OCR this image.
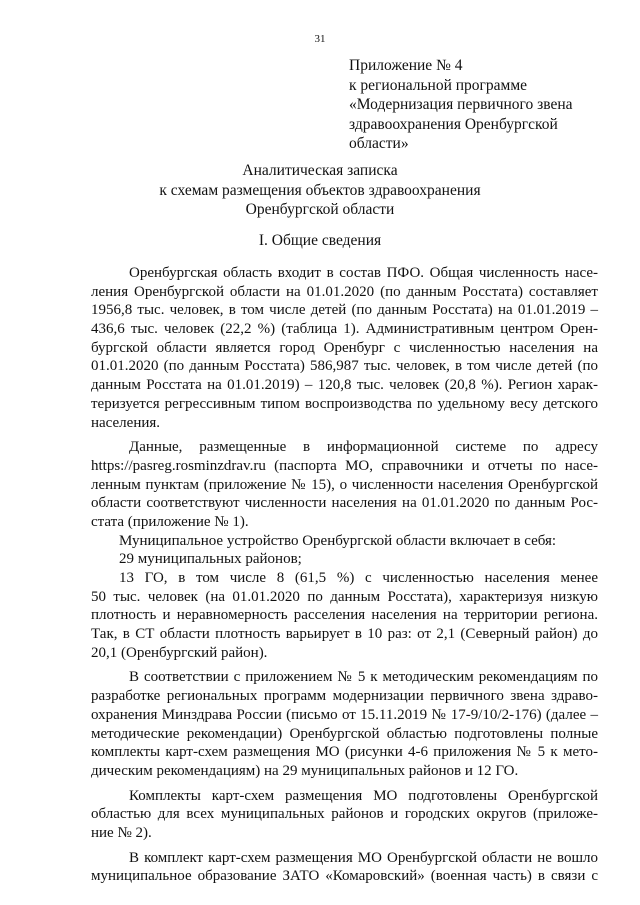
31
Приложение № 4
к региональной программе
«Модернизация первичного звена
здравоохранения Оренбургской
области»
Аналитическая записка
к схемам размещения объектов здравоохранения
Оренбургской области
I. Общие сведения
Оренбургская область входит в состав ПФО. Общая численность насе-
ления Оренбургской области на 01.01.2020 (по данным Росстата) составляет
1956,8 тыс. человек, в том числе детей (по данным Росстата) на 01.01.2019 –
436,6 тыс. человек (22,2 %) (таблица 1). Административным центром Орен-
бургской области является город Оренбург с численностью населения на
01.01.2020 (по данным Росстата) 586,987 тыс. человек, в том числе детей (по
данным Росстата на 01.01.2019) – 120,8 тыс. человек (20,8 %). Регион харак-
теризуется регрессивным типом воспроизводства по удельному весу детского
населения.
Данные, размещенные в информационной системе по адресу
https://pasreg.rosminzdrav.ru (паспорта МО, справочники и отчеты по насе-
ленным пунктам (приложение № 15), о численности населения Оренбургской
области соответствуют численности населения на 01.01.2020 по данным Рос-
стата (приложение № 1).
Муниципальное устройство Оренбургской области включает в себя:
29 муниципальных районов;
13 ГО, в том числе 8 (61,5 %) с численностью населения менее
50 тыс. человек (на 01.01.2020 по данным Росстата), характеризуя низкую
плотность и неравномерность расселения населения на территории региона.
Так, в СТ области плотность варьирует в 10 раз: от 2,1 (Северный район) до
20,1 (Оренбургский район).
В соответствии с приложением № 5 к методическим рекомендациям по
разработке региональных программ модернизации первичного звена здраво-
охранения Минздрава России (письмо от 15.11.2019 № 17-9/10/2-176) (далее –
методические рекомендации) Оренбургской областью подготовлены полные
комплекты карт-схем размещения МО (рисунки 4-6 приложения № 5 к мето-
дическим рекомендациям) на 29 муниципальных районов и 12 ГО.
Комплекты карт-схем размещения МО подготовлены Оренбургской
областью для всех муниципальных районов и городских округов (приложе-
ние № 2).
В комплект карт-схем размещения МО Оренбургской области не вошло
муниципальное образование ЗАТО «Комаровский» (военная часть) в связи с
